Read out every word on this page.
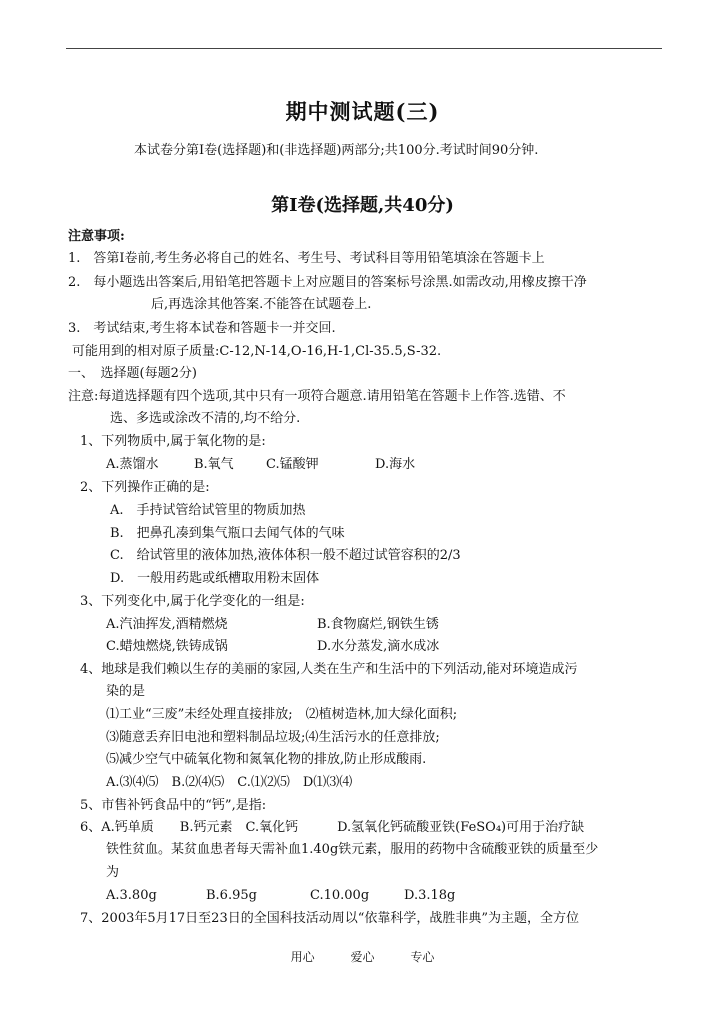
期中测试题(三)
本试卷分第Ⅰ卷(选择题)和(非选择题)两部分;共100分.考试时间90分钟.
第Ⅰ卷(选择题,共40分)
注意事项:
1.　答第Ⅰ卷前,考生务必将自己的姓名、考生号、考试科目等用铅笔填涂在答题卡上
2.　每小题选出答案后,用铅笔把答题卡上对应题目的答案标号涂黑.如需改动,用橡皮擦干净
后,再选涂其他答案.不能答在试题卷上.
3.　考试结束,考生将本试卷和答题卡一并交回.
可能用到的相对原子质量:C-12,N-14,O-16,H-1,Cl-35.5,S-32.
一、　选择题(每题2分)
注意:每道选择题有四个选项,其中只有一项符合题意.请用铅笔在答题卡上作答.选错、不
选、多选或涂改不清的,均不给分.
1、下列物质中,属于氧化物的是:
A.蒸馏水	B.氧气 C.锰酸钾	D.海水
2、下列操作正确的是:
A.　手持试管给试管里的物质加热
B.　把鼻孔凑到集气瓶口去闻气体的气味
C.　给试管里的液体加热,液体体积一般不超过试管容积的2/3
D.　一般用药匙或纸槽取用粉末固体
3、下列变化中,属于化学变化的一组是:
A.汽油挥发,酒精燃烧	B.食物腐烂,钢铁生锈
C.蜡烛燃烧,铁铸成锅	D.水分蒸发,滴水成冰
4、地球是我们赖以生存的美丽的家园,人类在生产和生活中的下列活动,能对环境造成污
染的是
⑴工业“三废”未经处理直接排放;　⑵植树造林,加大绿化面积;
⑶随意丢弃旧电池和塑料制品垃圾;⑷生活污水的任意排放;
⑸减少空气中硫氧化物和氮氧化物的排放,防止形成酸雨.
A.⑶⑷⑸　B.⑵⑷⑸　C.⑴⑵⑸　D⑴⑶⑷
5、市售补钙食品中的“钙”,是指:
6、A.钙单质　　B.钙元素　C.氧化钙　　　D.氢氧化钙硫酸亚铁(FeSO₄)可用于治疗缺
铁性贫血。某贫血患者每天需补血1.40g铁元素，服用的药物中含硫酸亚铁的质量至少
为
A.3.80g	B.6.95g	C.10.00g	D.3.18g
7、2003年5月17日至23日的全国科技活动周以“依靠科学，战胜非典”为主题，全方位
用心	爱心	专心
